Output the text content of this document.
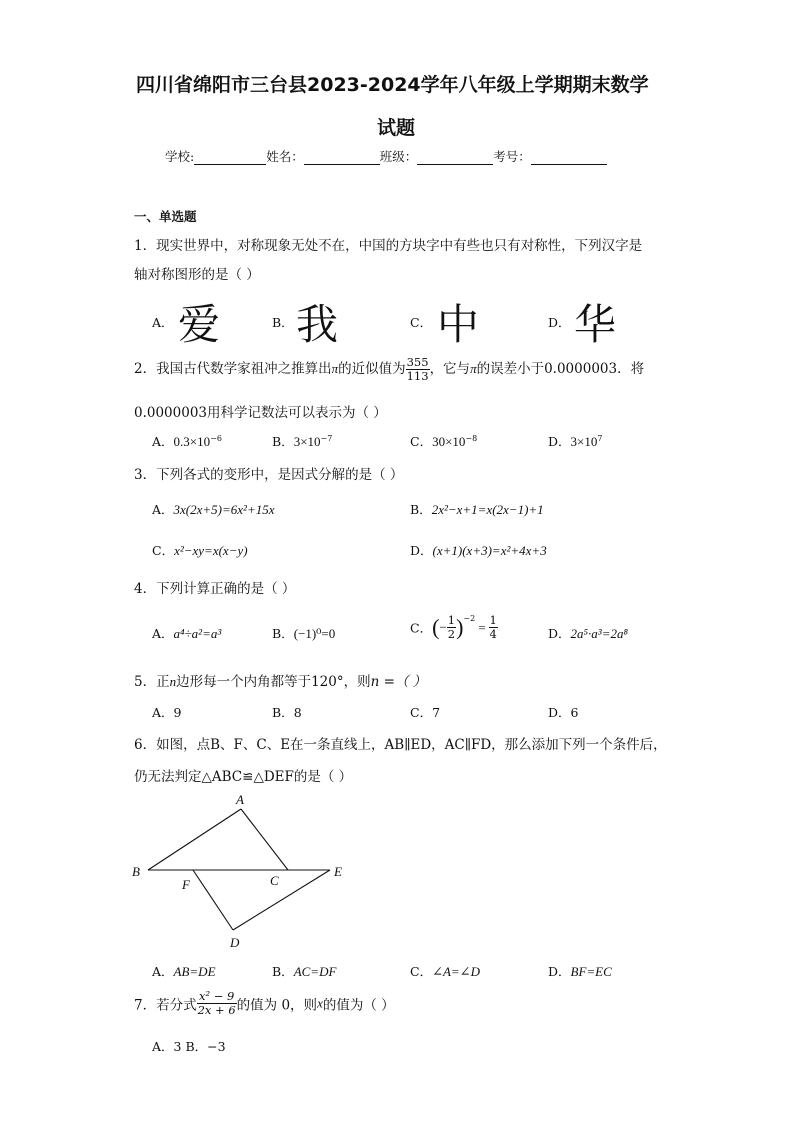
四川省绵阳市三台县2023-2024学年八年级上学期期末数学
试题
学校:	姓名：	班级：	考号：
一、单选题
1．现实世界中，对称现象无处不在，中国的方块字中有些也只有对称性，下列汉字是
轴对称图形的是（ ）
A． 爱	B． 我	C． 中	D． 华
2．我国古代数学家祖冲之推算出π的近似值为 $\frac{355}{113}$ ，它与π的误差小于0.0000003．将
0.0000003用科学记数法可以表示为（ ）
A．$0.3\times 10^{-6}$	B．$3\times 10^{-7}$	C．$30\times 10^{-8}$	D．$3\times 10^7$
3．下列各式的变形中，是因式分解的是（ ）
A．3x(2x+5)=6x²+15x	B．2x²−x+1=x(2x−1)+1
C．x²−xy=x(x−y)	D．(x+1)(x+3)=x²+4x+3
4．下列计算正确的是（ ）
A．a⁴÷a²=a³	B．(−1)⁰=0	C．(− $\frac{1}{2} )^{-2}= \frac{1}{4}$	D．2a⁵·a³=2a⁸
5．正n边形每一个内角都等于120°，则n =（ ）
A．9	B．8	C．7	D．6
6．如图，点B、F、C、E在一条直线上，AB∥ED，AC∥FD，那么添加下列一个条件后，
仍无法判定△ABC≌△DEF的是（ ）
A
B
C
D
E
F
A．AB=DE	B．AC=DF	C．∠A=∠D	D．BF=EC
7．若分式 $\frac{\text{x² − 9}}{2x + 6}$ 的值为 0，则x的值为（ ）
A．3 B．−3
